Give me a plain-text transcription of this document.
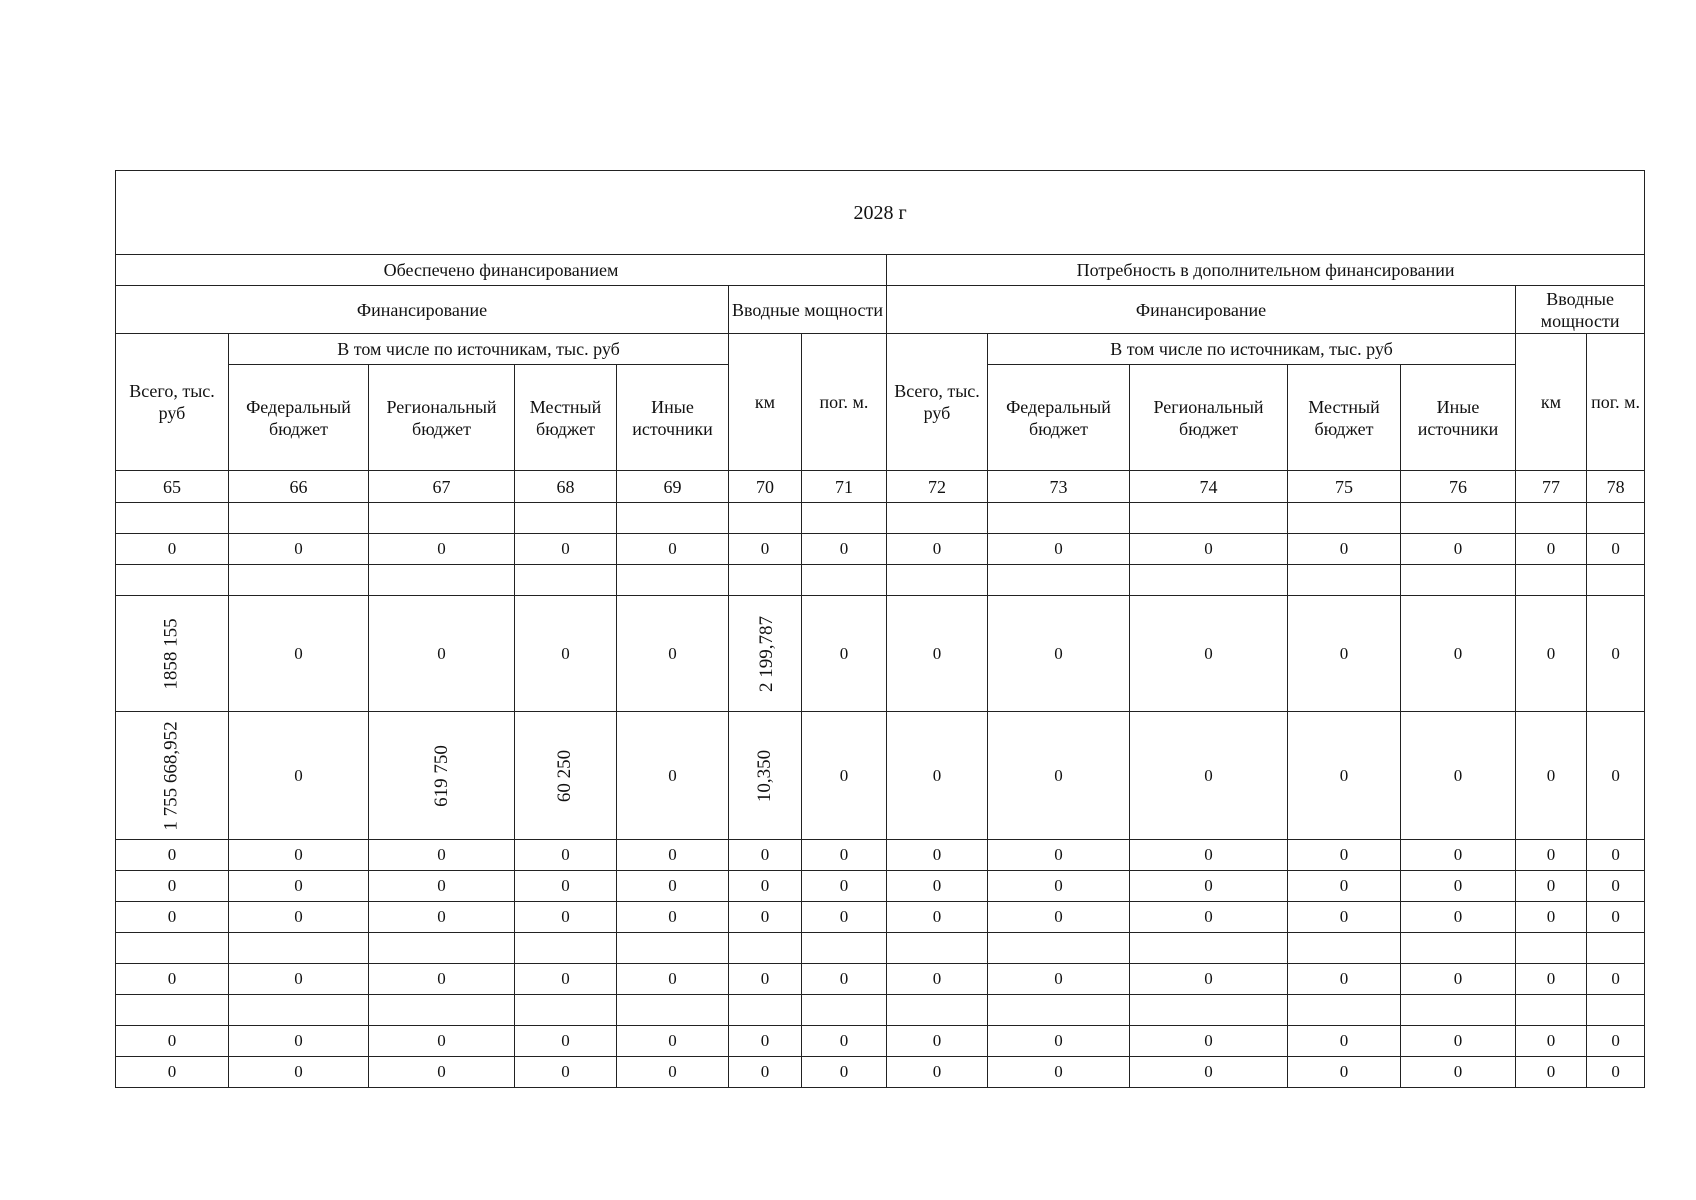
2028 г													
Обеспечено финансированием							Потребность в дополнительном финансировании						
Финансирование					Вводные мощности		Финансирование					Вводные мощности	
Всего, тыс. руб	В том числе по источникам, тыс. руб				км	пог. м.	Всего, тыс. руб	В том числе по источникам, тыс. руб				км	пог. м.
	Федеральный бюджет	Региональный бюджет	Местный бюджет	Иные источники				Федеральный бюджет	Региональный бюджет	Местный бюджет	Иные источники		
65	66	67	68	69	70	71	72	73	74	75	76	77	78

0	0	0	0	0	0	0	0	0	0	0	0	0	0

1858 155	0	0	0	0	2 199,787	0	0	0	0	0	0	0	0
1 755 668,952	0	619 750	60 250	0	10,350	0	0	0	0	0	0	0	0
0	0	0	0	0	0	0	0	0	0	0	0	0	0
0	0	0	0	0	0	0	0	0	0	0	0	0	0
0	0	0	0	0	0	0	0	0	0	0	0	0	0

0	0	0	0	0	0	0	0	0	0	0	0	0	0

0	0	0	0	0	0	0	0	0	0	0	0	0	0
0	0	0	0	0	0	0	0	0	0	0	0	0	0
